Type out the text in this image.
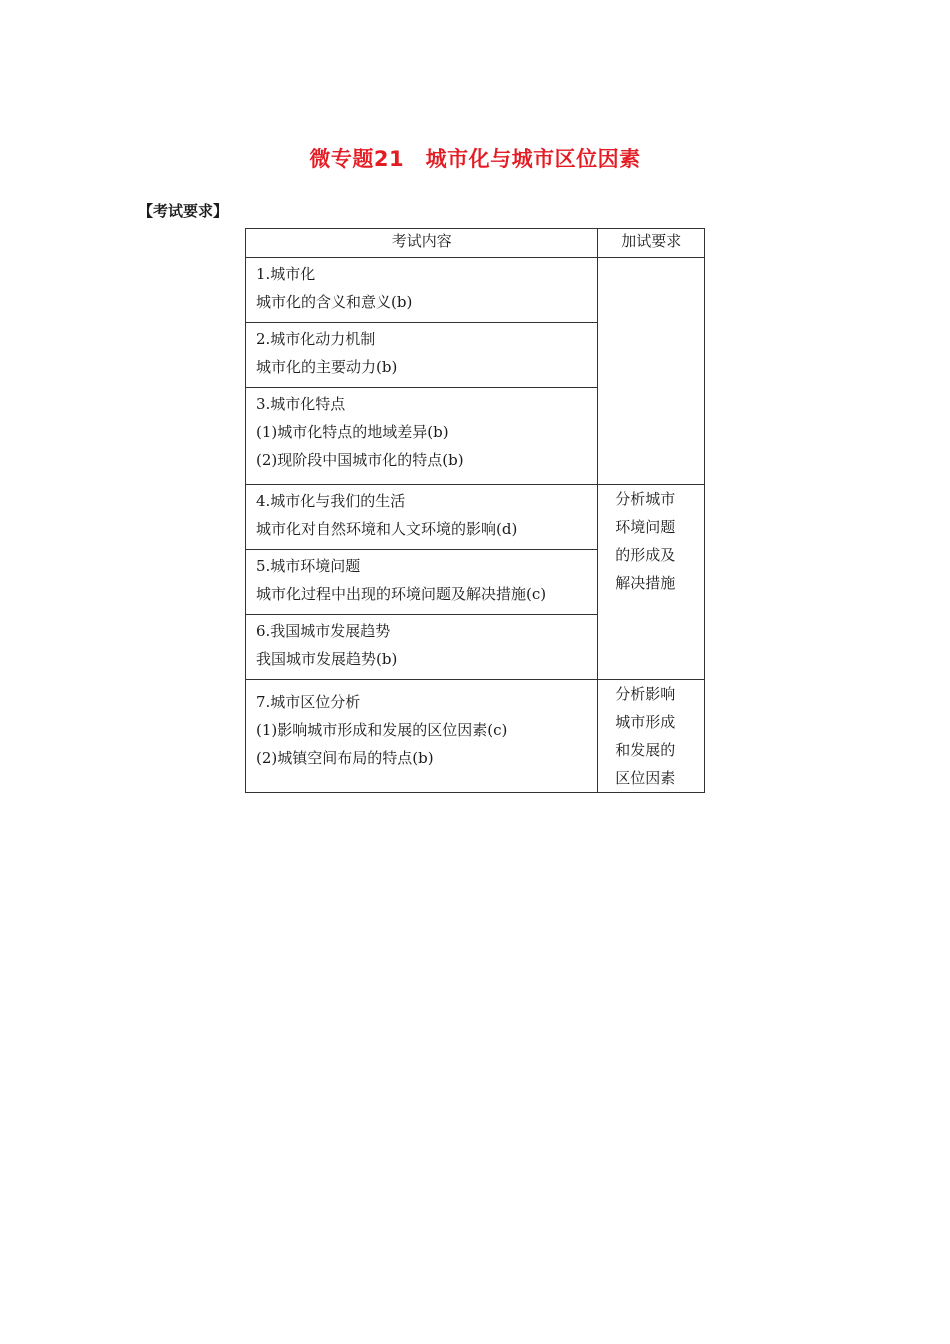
微专题21　城市化与城市区位因素
【考试要求】
考试内容	加试要求

1.城市化
城市化的含义和意义(b)	

2.城市化动力机制
城市化的主要动力(b)	

3.城市化特点
(1)城市化特点的地域差异(b)
(2)现阶段中国城市化的特点(b)	

4.城市化与我们的生活
城市化对自然环境和人文环境的影响(d)	分析城市环境问题的形成及解决措施

5.城市环境问题
城市化过程中出现的环境问题及解决措施(c)	

6.我国城市发展趋势
我国城市发展趋势(b)	

7.城市区位分析
(1)影响城市形成和发展的区位因素(c)
(2)城镇空间布局的特点(b)	分析影响城市形成和发展的区位因素
